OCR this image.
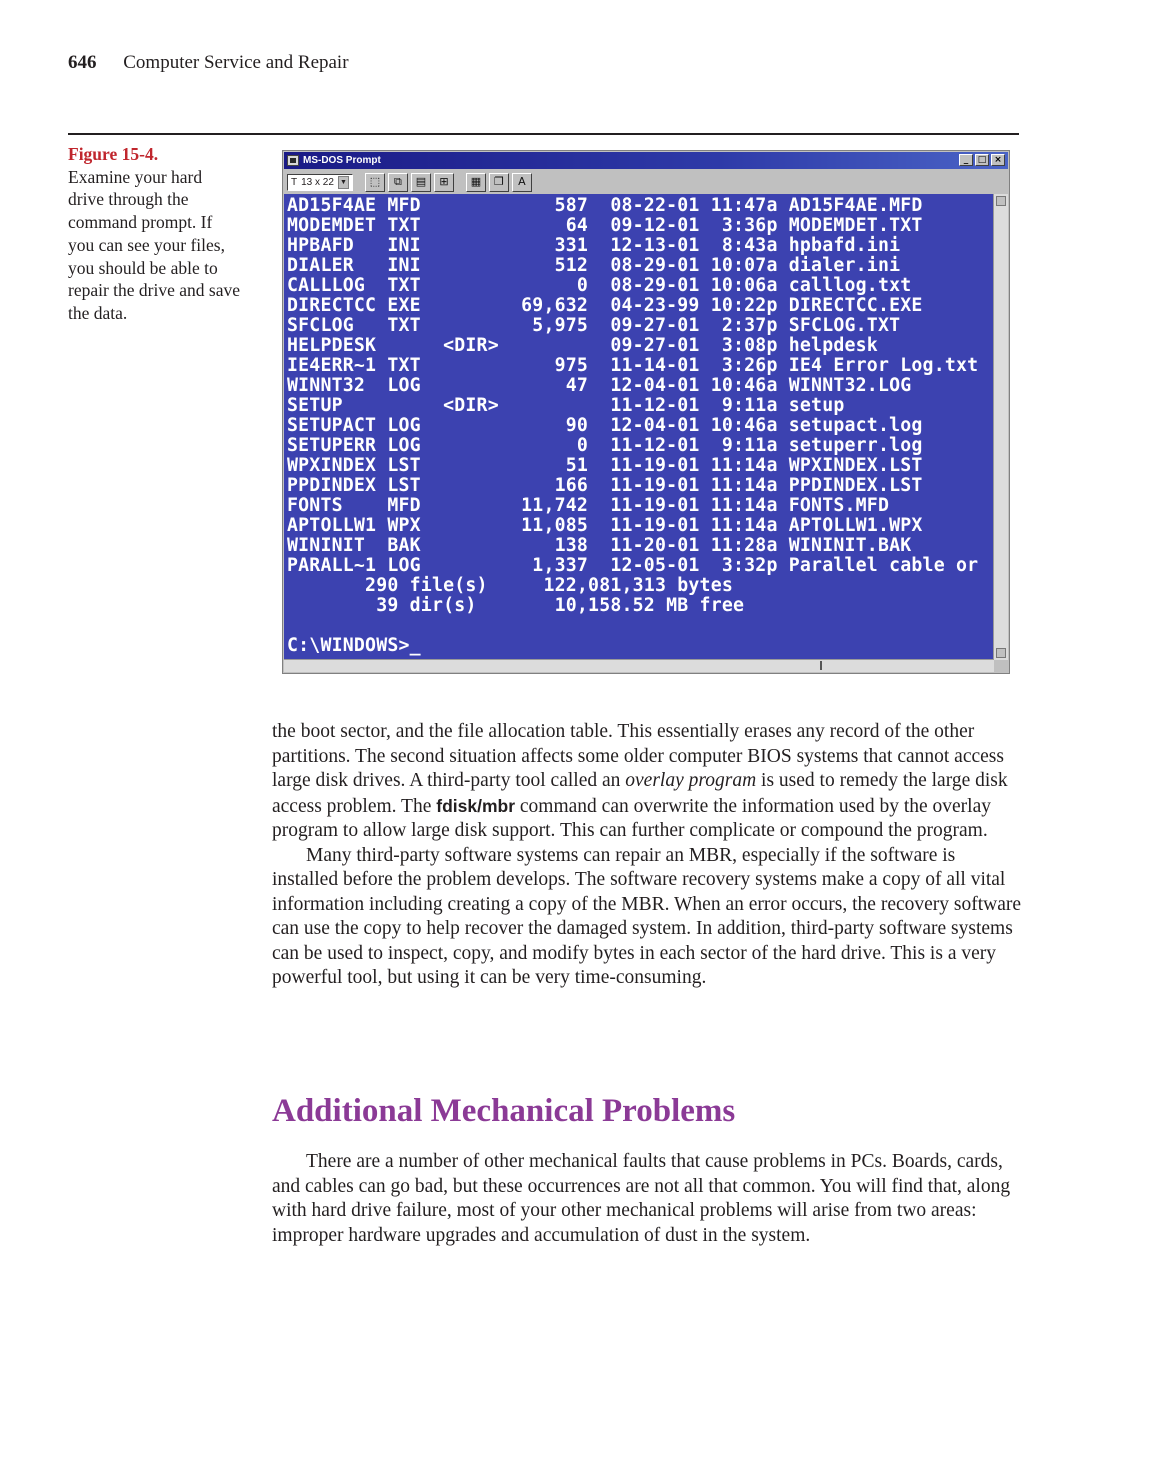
646 Computer Service and Repair
Figure 15-4.
Examine your hard drive through the command prompt. If you can see your files, you should be able to repair the drive and save the data.
MS-DOS Prompt	_	□ ×
T 13 x 22 ▼	⬚	⧉	▤	⊞	▦	❐	A
AD15F4AE MFD            587  08-22-01 11:47a AD15F4AE.MFD
MODEMDET TXT             64  09-12-01  3:36p MODEMDET.TXT
HPBAFD   INI            331  12-13-01  8:43a hpbafd.ini
DIALER   INI            512  08-29-01 10:07a dialer.ini
CALLLOG  TXT              0  08-29-01 10:06a calllog.txt
DIRECTCC EXE         69,632  04-23-99 10:22p DIRECTCC.EXE
SFCLOG   TXT          5,975  09-27-01  2:37p SFCLOG.TXT
HELPDESK      <DIR>          09-27-01  3:08p helpdesk
IE4ERR~1 TXT            975  11-14-01  3:26p IE4 Error Log.txt
WINNT32  LOG             47  12-04-01 10:46a WINNT32.LOG
SETUP         <DIR>          11-12-01  9:11a setup
SETUPACT LOG             90  12-04-01 10:46a setupact.log
SETUPERR LOG              0  11-12-01  9:11a setuperr.log
WPXINDEX LST             51  11-19-01 11:14a WPXINDEX.LST
PPDINDEX LST            166  11-19-01 11:14a PPDINDEX.LST
FONTS    MFD         11,742  11-19-01 11:14a FONTS.MFD
APTOLLW1 WPX         11,085  11-19-01 11:14a APTOLLW1.WPX
WININIT  BAK            138  11-20-01 11:28a WININIT.BAK
PARALL~1 LOG          1,337  12-05-01  3:32p Parallel cable or
290 file(s)     122,081,313 bytes
39 dir(s)       10,158.52 MB free
C:\WINDOWS>_

the boot sector, and the file allocation table. This essentially erases any record of the other partitions. The second situation affects some older computer BIOS systems that cannot access large disk drives. A third-party tool called an overlay program is used to remedy the large disk access problem. The fdisk/mbr command can overwrite the information used by the overlay program to allow large disk support. This can further complicate or compound the program.

Many third-party software systems can repair an MBR, especially if the software is installed before the problem develops. The software recovery systems make a copy of all vital information including creating a copy of the MBR. When an error occurs, the recovery software can use the copy to help recover the damaged system. In addition, third-party software systems can be used to inspect, copy, and modify bytes in each sector of the hard drive. This is a very powerful tool, but using it can be very time-consuming.

Additional Mechanical Problems

There are a number of other mechanical faults that cause problems in PCs. Boards, cards, and cables can go bad, but these occurrences are not all that common. You will find that, along with hard drive failure, most of your other mechanical problems will arise from two areas: improper hardware upgrades and accumulation of dust in the system.
